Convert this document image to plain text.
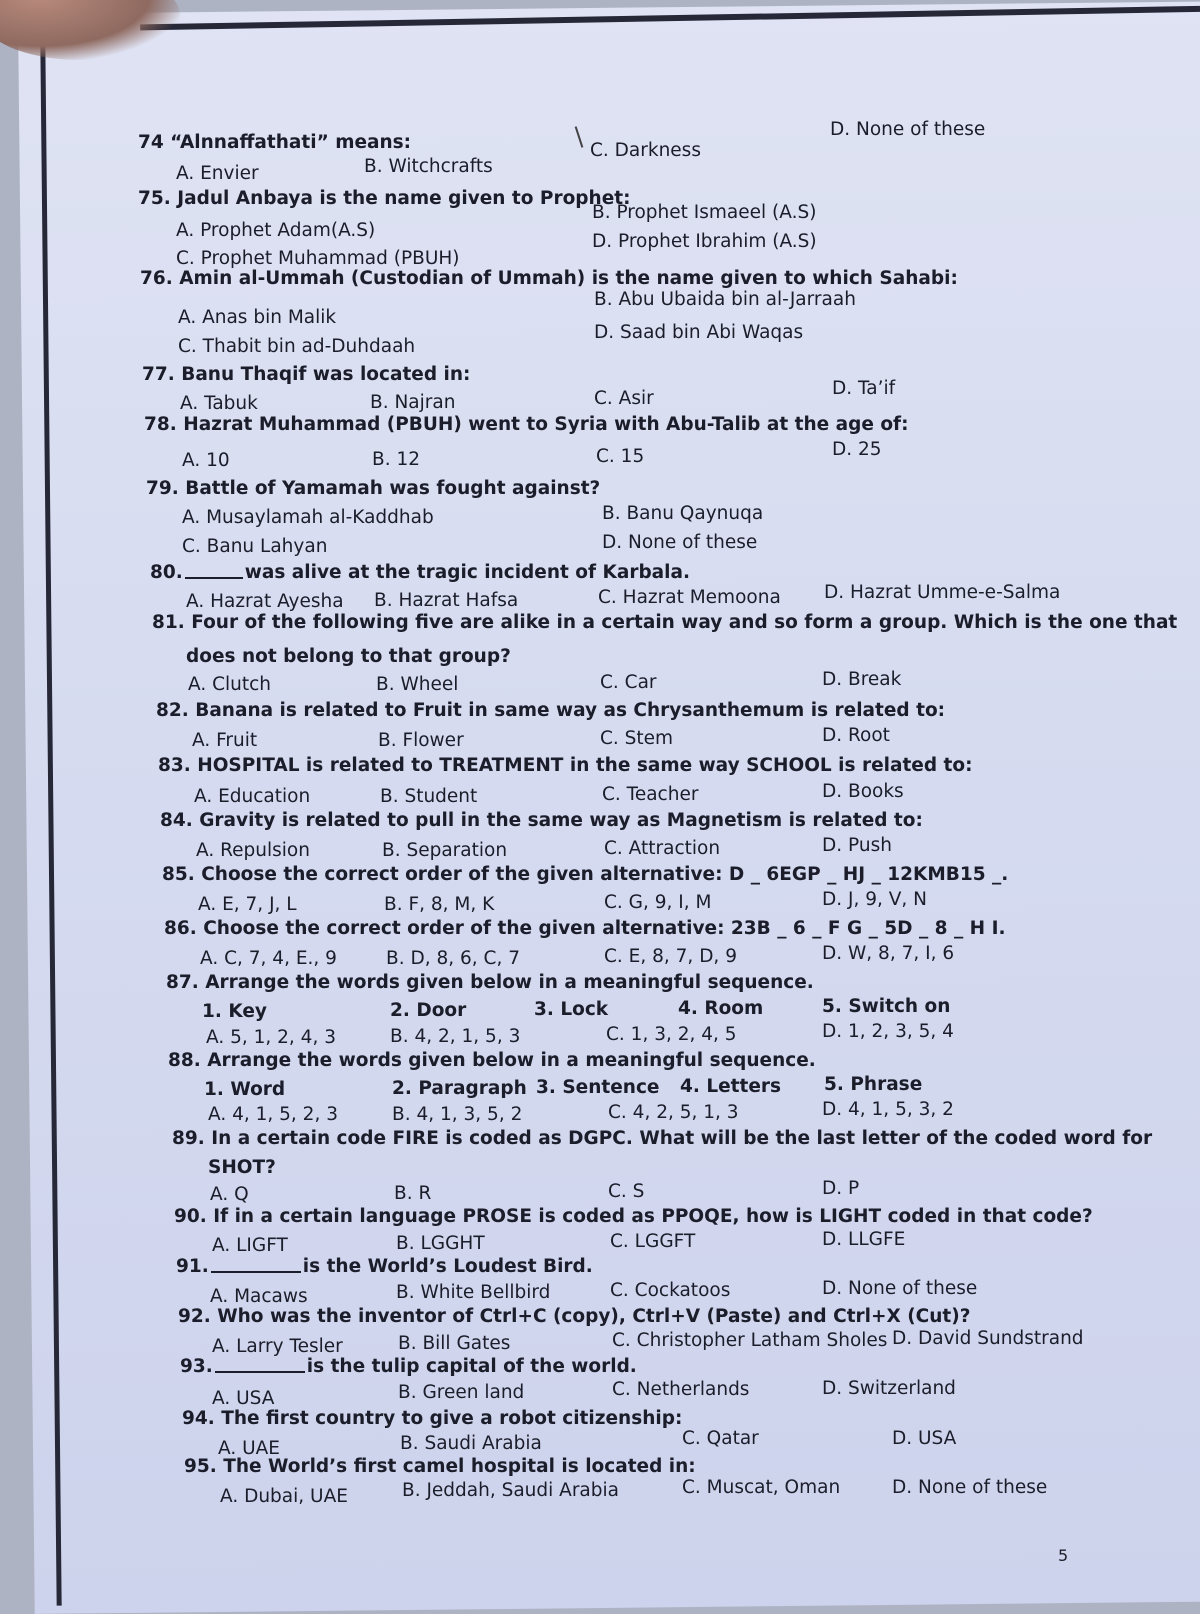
74 “Alnnaffathati” means:
A. Envier	B. Witchcrafts
C. Darkness
D. None of these
75. Jadul Anbaya is the name given to Prophet:
A. Prophet Adam(A.S)
B. Prophet Ismaeel (A.S)
C. Prophet Muhammad (PBUH)
D. Prophet Ibrahim (A.S)
76. Amin al-Ummah (Custodian of Ummah) is the name given to which Sahabi:
A. Anas bin Malik
B. Abu Ubaida bin al-Jarraah
C. Thabit bin ad-Duhdaah
D. Saad bin Abi Waqas
77. Banu Thaqif was located in:
A. Tabuk	B. Najran	C. Asir	D. Ta’if
78. Hazrat Muhammad (PBUH) went to Syria with Abu-Talib at the age of:
A. 10	B. 12	C. 15	D. 25
79. Battle of Yamamah was fought against?
A. Musaylamah al-Kaddhab	B. Banu Qaynuqa
C. Banu Lahyan	D. None of these
80.	was alive at the tragic incident of Karbala.
A. Hazrat Ayesha B. Hazrat Hafsa	C. Hazrat Memoona D. Hazrat Umme-e-Salma
81. Four of the following five are alike in a certain way and so form a group. Which is the one that
does not belong to that group?
A. Clutch	B. Wheel	C. Car	D. Break
82. Banana is related to Fruit in same way as Chrysanthemum is related to:
A. Fruit	B. Flower	C. Stem	D. Root
83. HOSPITAL is related to TREATMENT in the same way SCHOOL is related to:
A. Education	B. Student	C. Teacher	D. Books
84. Gravity is related to pull in the same way as Magnetism is related to:
A. Repulsion	B. Separation	C. Attraction	D. Push
85. Choose the correct order of the given alternative: D _ 6EGP _ HJ _ 12KMB15 _.
A. E, 7, J, L	B. F, 8, M, K	C. G, 9, I, M	D. J, 9, V, N
86. Choose the correct order of the given alternative: 23B _ 6 _ F G _ 5D _ 8 _ H I.
A. C, 7, 4, E., 9	B. D, 8, 6, C, 7	C. E, 8, 7, D, 9	D. W, 8, 7, I, 6
87. Arrange the words given below in a meaningful sequence.
1. Key	2. Door	3. Lock	4. Room	5. Switch on
A. 5, 1, 2, 4, 3	B. 4, 2, 1, 5, 3	C. 1, 3, 2, 4, 5	D. 1, 2, 3, 5, 4
88. Arrange the words given below in a meaningful sequence.
1. Word	2. Paragraph 3. Sentence 4. Letters 5. Phrase
A. 4, 1, 5, 2, 3	B. 4, 1, 3, 5, 2	C. 4, 2, 5, 1, 3	D. 4, 1, 5, 3, 2
89. In a certain code FIRE is coded as DGPC. What will be the last letter of the coded word for
SHOT?
A. Q	B. R	C. S	D. P
90. If in a certain language PROSE is coded as PPOQE, how is LIGHT coded in that code?
A. LIGFT	B. LGGHT	C. LGGFT	D. LLGFE
91.	is the World’s Loudest Bird.
A. Macaws	B. White Bellbird	C. Cockatoos	D. None of these
92. Who was the inventor of Ctrl+C (copy), Ctrl+V (Paste) and Ctrl+X (Cut)?
A. Larry Tesler	B. Bill Gates	C. Christopher Latham Sholes D. David Sundstrand
93.	is the tulip capital of the world.
A. USA	B. Green land	C. Netherlands	D. Switzerland
94. The first country to give a robot citizenship:
A. UAE	B. Saudi Arabia	C. Qatar	D. USA
95. The World’s first camel hospital is located in:
A. Dubai, UAE	B. Jeddah, Saudi Arabia	C. Muscat, Oman	D. None of these
5
